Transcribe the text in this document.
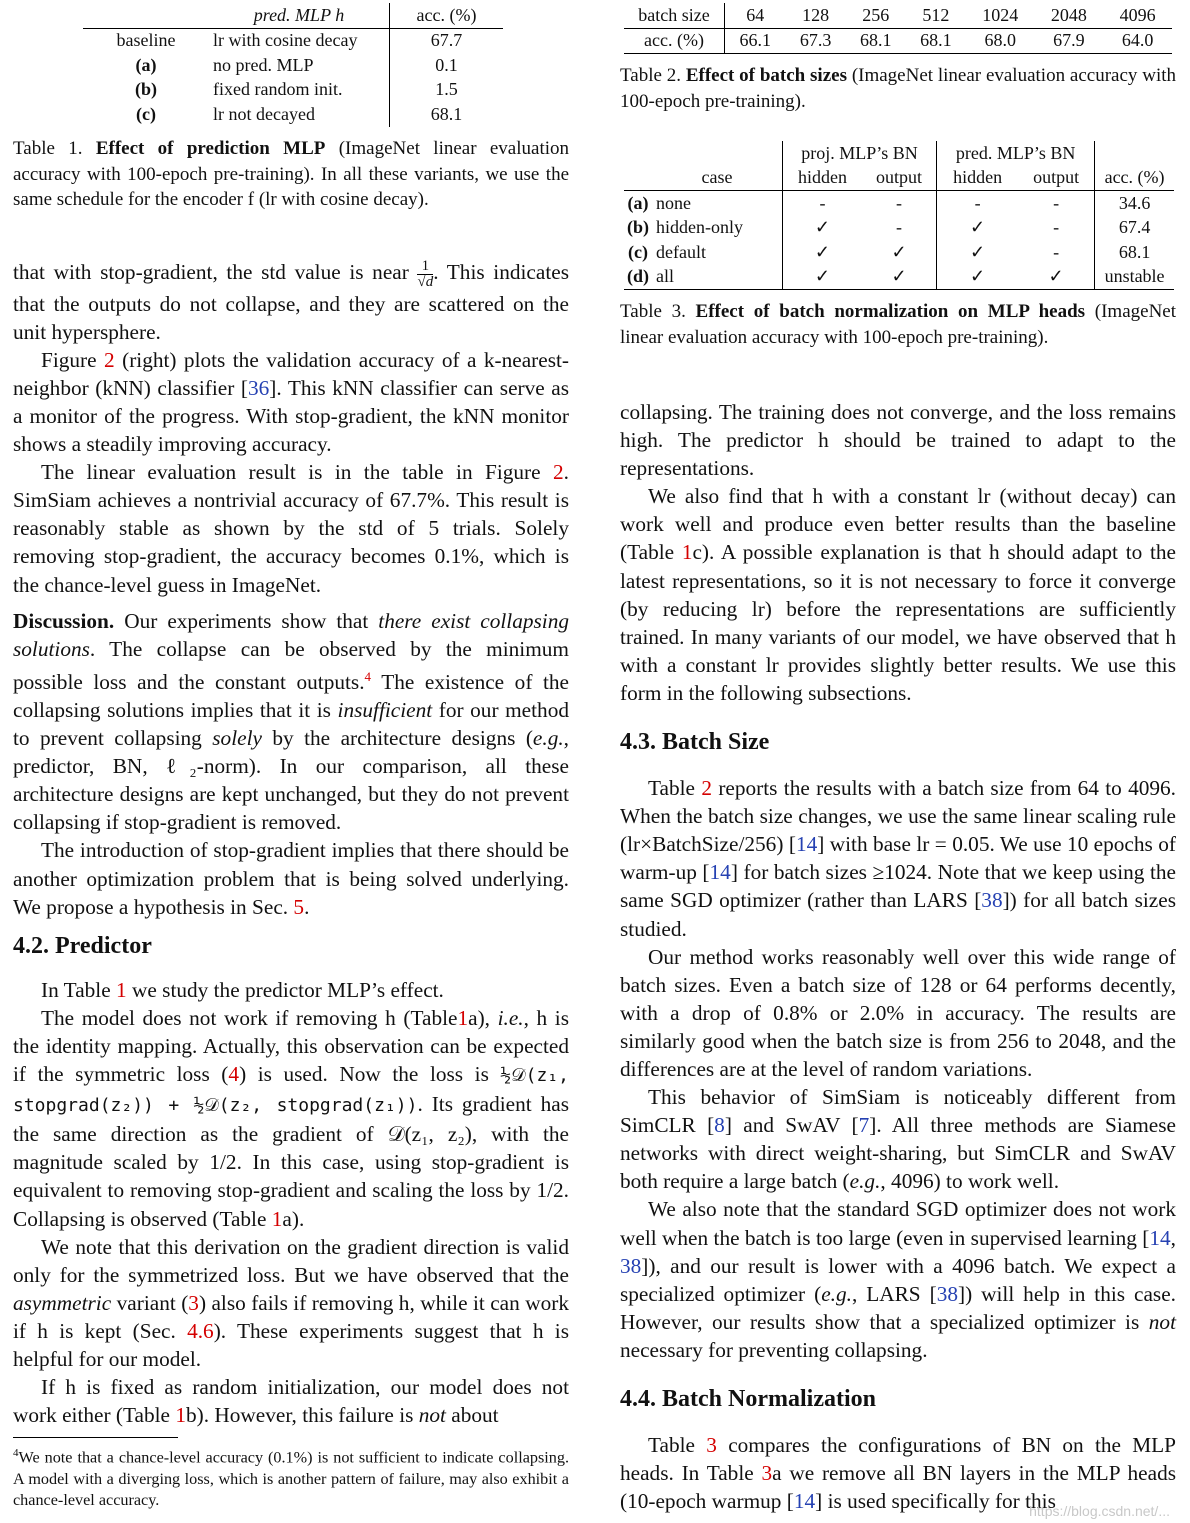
	pred. MLP h	acc. (%)
baseline	lr with cosine decay	67.7
(a)	no pred. MLP	0.1
(b)	fixed random init.	1.5
(c)	lr not decayed	68.1

Table 1. Effect of prediction MLP (ImageNet linear evaluation accuracy with 100-epoch pre-training). In all these variants, we use the same schedule for the encoder f (lr with cosine decay).

that with stop-gradient, the std value is near $\frac{1}{√d}$ . This indicates that the outputs do not collapse, and they are scattered on the unit hypersphere.

Figure 2 (right) plots the validation accuracy of a k-nearest-neighbor (kNN) classifier [36]. This kNN classifier can serve as a monitor of the progress. With stop-gradient, the kNN monitor shows a steadily improving accuracy.

The linear evaluation result is in the table in Figure 2. SimSiam achieves a nontrivial accuracy of 67.7%. This result is reasonably stable as shown by the std of 5 trials. Solely removing stop-gradient, the accuracy becomes 0.1%, which is the chance-level guess in ImageNet.

Discussion. Our experiments show that there exist collapsing solutions. The collapse can be observed by the minimum possible loss and the constant outputs.$^4$ The existence of the collapsing solutions implies that it is insufficient for our method to prevent collapsing solely by the architecture designs (e.g., predictor, BN, ℓ₂-norm). In our comparison, all these architecture designs are kept unchanged, but they do not prevent collapsing if stop-gradient is removed.

The introduction of stop-gradient implies that there should be another optimization problem that is being solved underlying. We propose a hypothesis in Sec. 5.

4.2. Predictor

In Table 1 we study the predictor MLP’s effect.

The model does not work if removing h (Table1a), i.e., h is the identity mapping. Actually, this observation can be expected if the symmetric loss (4) is used. Now the loss is ½𝒟(z₁, stopgrad(z₂)) + ½𝒟(z₂, stopgrad(z₁)). Its gradient has the same direction as the gradient of 𝒟(z₁, z₂), with the magnitude scaled by 1/2. In this case, using stop-gradient is equivalent to removing stop-gradient and scaling the loss by 1/2. Collapsing is observed (Table 1a).

We note that this derivation on the gradient direction is valid only for the symmetrized loss. But we have observed that the asymmetric variant (3) also fails if removing h, while it can work if h is kept (Sec. 4.6). These experiments suggest that h is helpful for our model.

If h is fixed as random initialization, our model does not work either (Table 1b). However, this failure is not about

$^4$We note that a chance-level accuracy (0.1%) is not sufficient to indicate collapsing. A model with a diverging loss, which is another pattern of failure, may also exhibit a chance-level accuracy.

batch size	64	128	256	512	1024	2048	4096
acc. (%)	66.1	67.3	68.1	68.1	68.0	67.9	64.0

Table 2. Effect of batch sizes (ImageNet linear evaluation accuracy with 100-epoch pre-training).

		proj. MLP’s BN		pred. MLP’s BN		
	case	hidden	output	hidden	output	acc. (%)
(a)	none	-	-	-	-	34.6
(b)	hidden-only	✓	-	✓	-	67.4
(c)	default	✓	✓	✓	-	68.1
(d)	all	✓	✓	✓	✓	unstable

Table 3. Effect of batch normalization on MLP heads (ImageNet linear evaluation accuracy with 100-epoch pre-training).

collapsing. The training does not converge, and the loss remains high. The predictor h should be trained to adapt to the representations.

We also find that h with a constant lr (without decay) can work well and produce even better results than the baseline (Table 1c). A possible explanation is that h should adapt to the latest representations, so it is not necessary to force it converge (by reducing lr) before the representations are sufficiently trained. In many variants of our model, we have observed that h with a constant lr provides slightly better results. We use this form in the following subsections.

4.3. Batch Size

Table 2 reports the results with a batch size from 64 to 4096. When the batch size changes, we use the same linear scaling rule (lr×BatchSize/256) [14] with base lr = 0.05. We use 10 epochs of warm-up [14] for batch sizes ≥1024. Note that we keep using the same SGD optimizer (rather than LARS [38]) for all batch sizes studied.

Our method works reasonably well over this wide range of batch sizes. Even a batch size of 128 or 64 performs decently, with a drop of 0.8% or 2.0% in accuracy. The results are similarly good when the batch size is from 256 to 2048, and the differences are at the level of random variations.

This behavior of SimSiam is noticeably different from SimCLR [8] and SwAV [7]. All three methods are Siamese networks with direct weight-sharing, but SimCLR and SwAV both require a large batch (e.g., 4096) to work well.

We also note that the standard SGD optimizer does not work well when the batch is too large (even in supervised learning [14, 38]), and our result is lower with a 4096 batch. We expect a specialized optimizer (e.g., LARS [38]) will help in this case. However, our results show that a specialized optimizer is not necessary for preventing collapsing.

4.4. Batch Normalization

Table 3 compares the configurations of BN on the MLP heads. In Table 3a we remove all BN layers in the MLP heads (10-epoch warmup [14] is used specifically for this

https://blog.csdn.net/...
